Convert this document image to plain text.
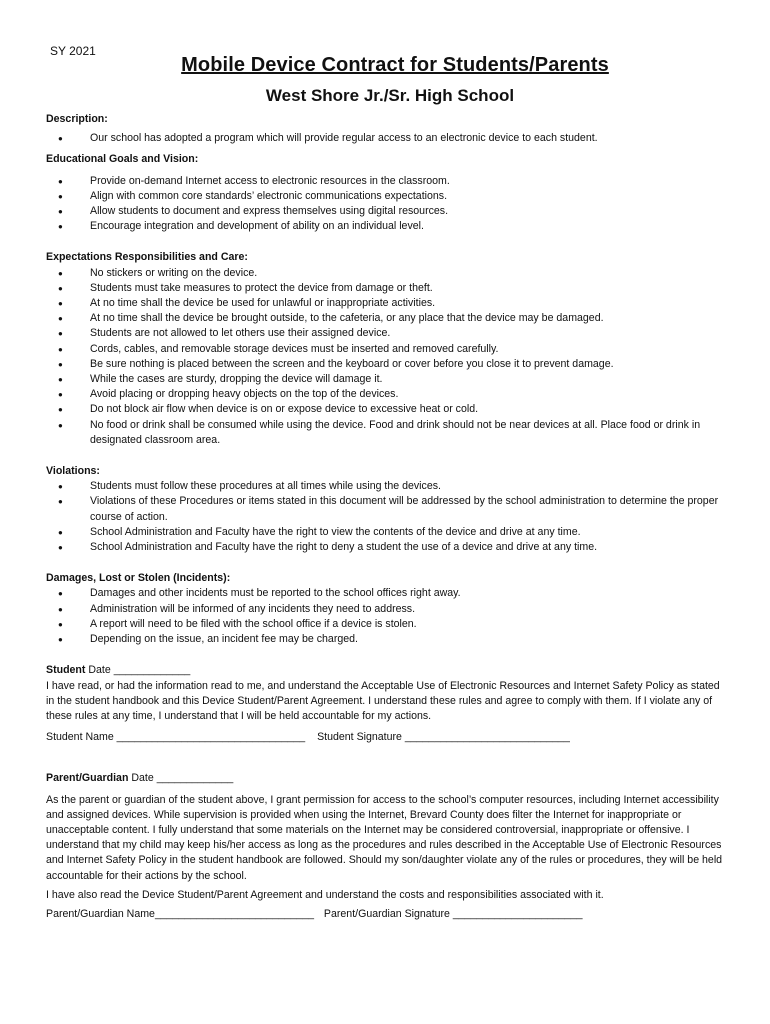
SY 2021
Mobile Device Contract for Students/Parents
West Shore Jr./Sr. High School

Description:

● Our school has adopted a program which will provide regular access to an electronic device to each student.

Educational Goals and Vision:

● Provide on-demand Internet access to electronic resources in the classroom.
● Align with common core standards’ electronic communications expectations.
● Allow students to document and express themselves using digital resources.
● Encourage integration and development of ability on an individual level.

Expectations Responsibilities and Care:

● No stickers or writing on the device.
● Students must take measures to protect the device from damage or theft.
● At no time shall the device be used for unlawful or inappropriate activities.
● At no time shall the device be brought outside, to the cafeteria, or any place that the device may be damaged.
● Students are not allowed to let others use their assigned device.
● Cords, cables, and removable storage devices must be inserted and removed carefully.
● Be sure nothing is placed between the screen and the keyboard or cover before you close it to prevent damage.
● While the cases are sturdy, dropping the device will damage it.
● Avoid placing or dropping heavy objects on the top of the devices.
● Do not block air flow when device is on or expose device to excessive heat or cold.
● No food or drink shall be consumed while using the device. Food and drink should not be near devices at all. Place food or drink in designated classroom area.

Violations:

● Students must follow these procedures at all times while using the devices.
● Violations of these Procedures or items stated in this document will be addressed by the school administration to determine the proper course of action.
● School Administration and Faculty have the right to view the contents of the device and drive at any time.
● School Administration and Faculty have the right to deny a student the use of a device and drive at any time.

Damages, Lost or Stolen (Incidents):

● Damages and other incidents must be reported to the school offices right away.
● Administration will be informed of any incidents they need to address.
● A report will need to be filed with the school office if a device is stolen.
● Depending on the issue, an incident fee may be charged.

Student Date _____________

I have read, or had the information read to me, and understand the Acceptable Use of Electronic Resources and Internet Safety Policy as stated in the student handbook and this Device Student/Parent Agreement. I understand these rules and agree to comply with them. If I violate any of these rules at any time, I understand that I will be held accountable for my actions.

Student Name ________________________________ Student Signature ____________________________

Parent/Guardian Date _____________

As the parent or guardian of the student above, I grant permission for access to the school’s computer resources, including Internet accessibility and assigned devices. While supervision is provided when using the Internet, Brevard County does filter the Internet for inappropriate or unacceptable content. I fully understand that some materials on the Internet may be considered controversial, inappropriate or offensive. I understand that my child may keep his/her access as long as the procedures and rules described in the Acceptable Use of Electronic Resources and Internet Safety Policy in the student handbook are followed. Should my son/daughter violate any of the rules or procedures, they will be held accountable for their actions by the school.

I have also read the Device Student/Parent Agreement and understand the costs and responsibilities associated with it.

Parent/Guardian Name___________________________ Parent/Guardian Signature ______________________
